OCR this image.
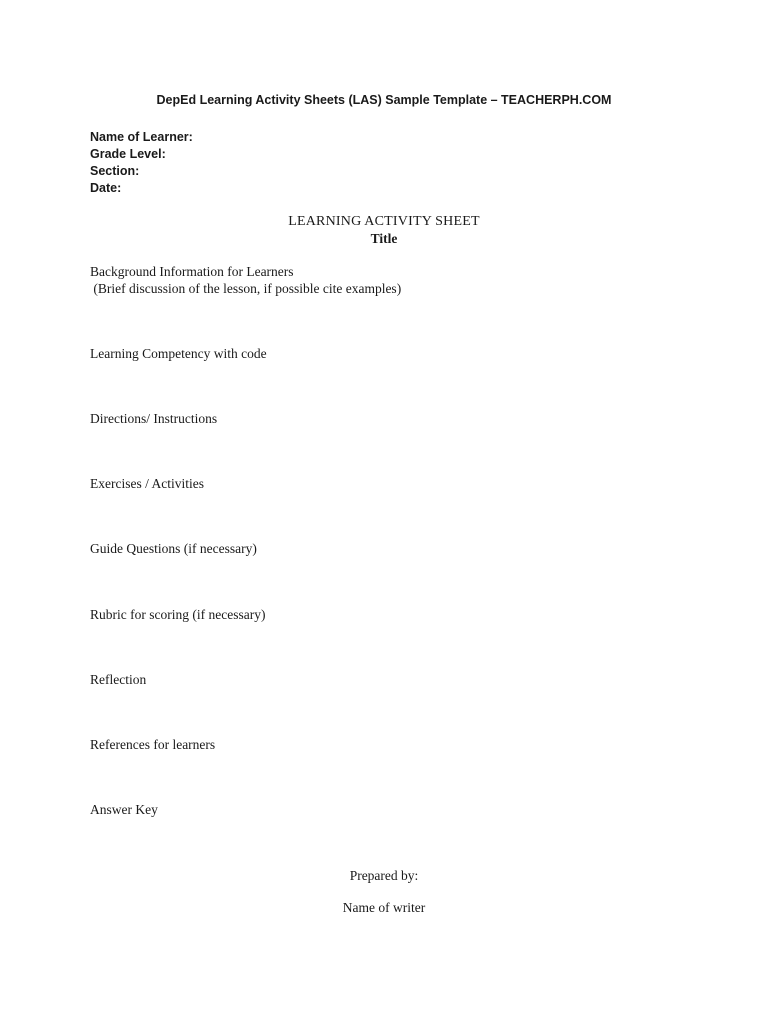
DepEd Learning Activity Sheets (LAS) Sample Template – TEACHERPH.COM
Name of Learner:
Grade Level:
Section:
Date:
LEARNING ACTIVITY SHEET
Title
Background Information for Learners
(Brief discussion of the lesson, if possible cite examples)
Learning Competency with code
Directions/ Instructions
Exercises / Activities
Guide Questions (if necessary)
Rubric for scoring (if necessary)
Reflection
References for learners
Answer Key
Prepared by:
Name of writer
